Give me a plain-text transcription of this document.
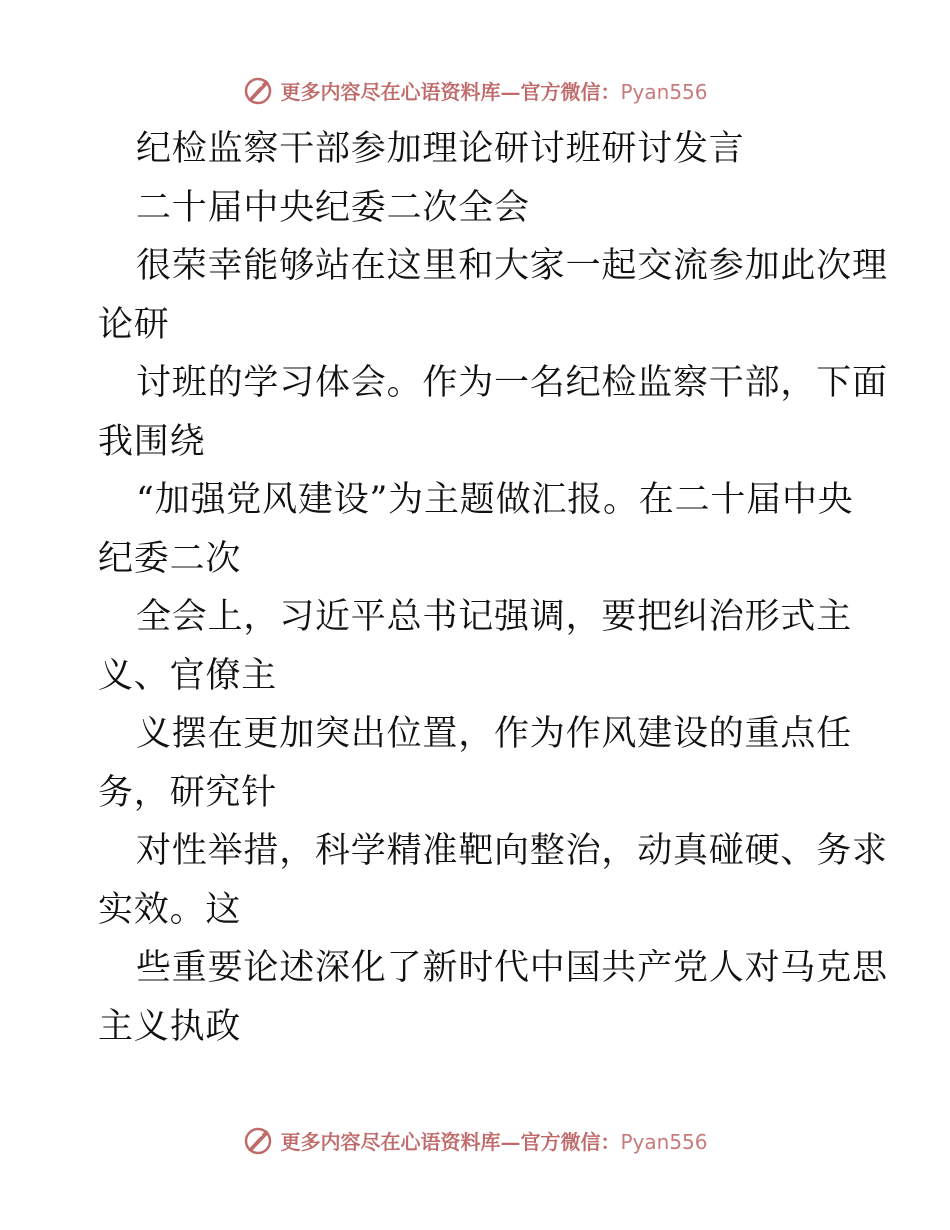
更多内容尽在心语资料库—官方微信：Pyan556
纪检监察干部参加理论研讨班研讨发言
二十届中央纪委二次全会
很荣幸能够站在这里和大家一起交流参加此次理
论研
讨班的学习体会。作为一名纪检监察干部，下面
我围绕
“加强党风建设”为主题做汇报。在二十届中央
纪委二次
全会上，习近平总书记强调，要把纠治形式主
义、官僚主
义摆在更加突出位置，作为作风建设的重点任
务，研究针
对性举措，科学精准靶向整治，动真碰硬、务求
实效。这
些重要论述深化了新时代中国共产党人对马克思
主义执政
更多内容尽在心语资料库—官方微信：Pyan556
